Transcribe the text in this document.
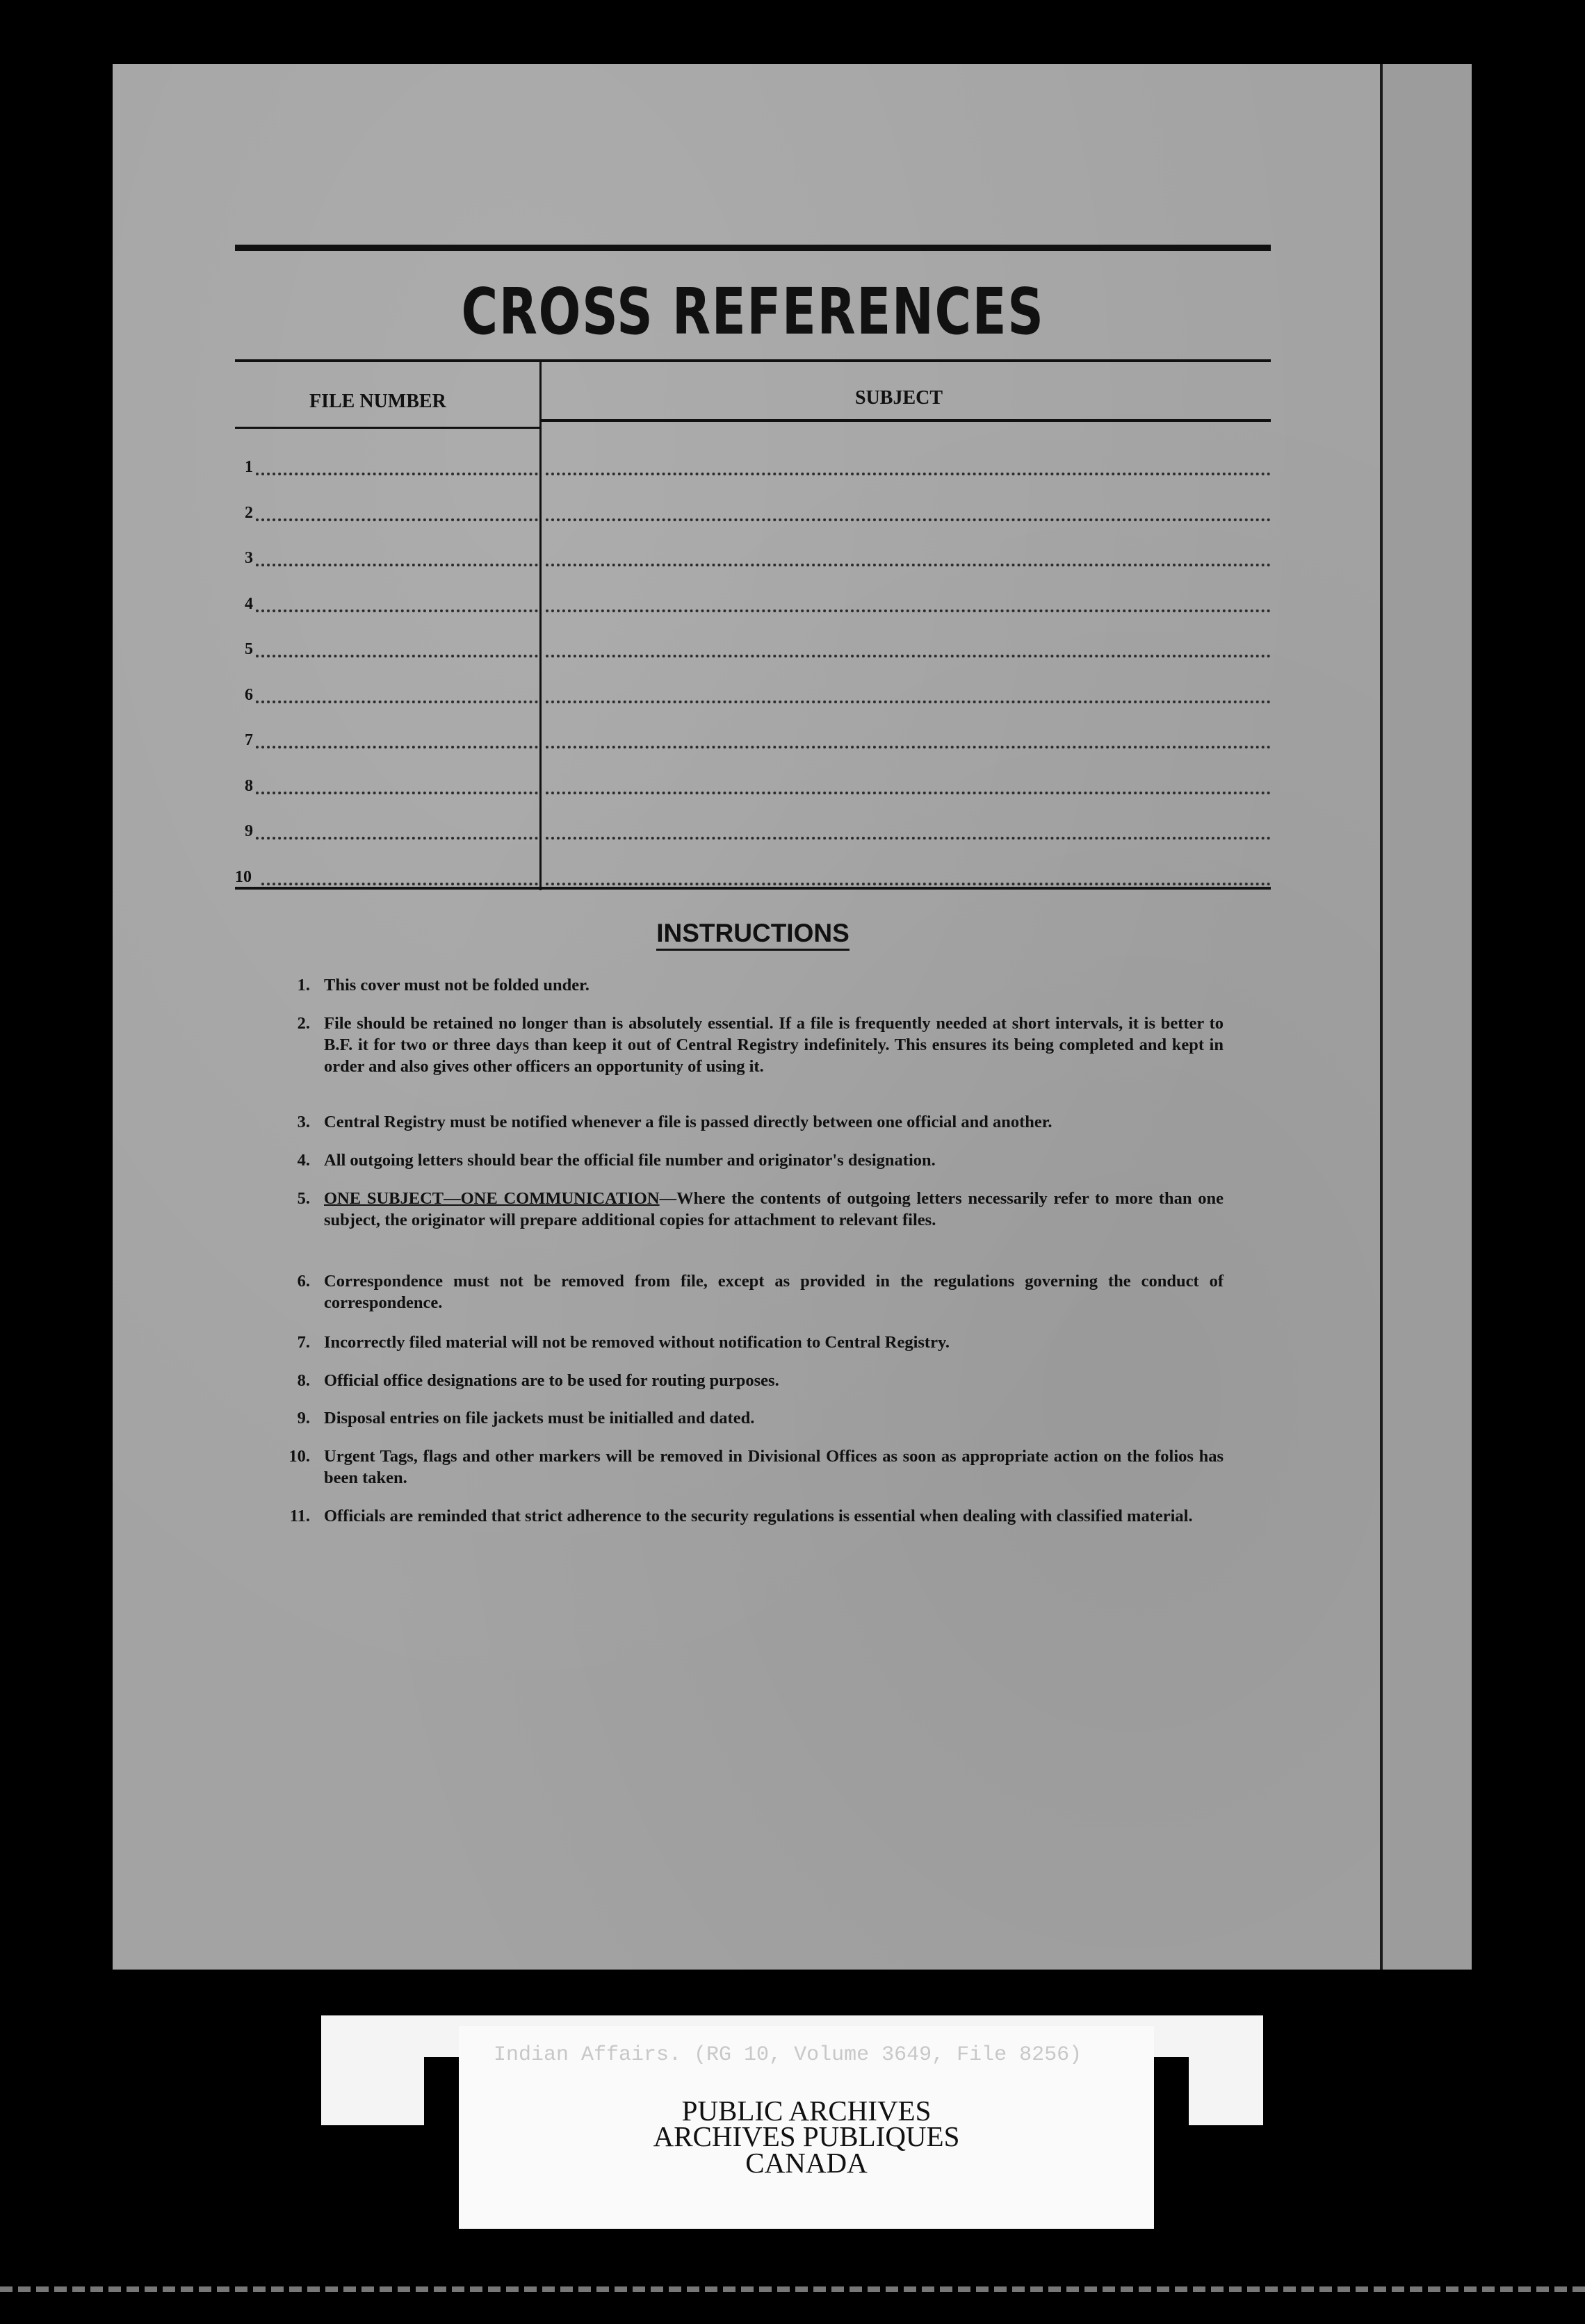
CROSS REFERENCES
FILE NUMBER	SUBJECT
1
2
3
4
5
6
7
8
9
10
INSTRUCTIONS
1. This cover must not be folded under.
2. File should be retained no longer than is absolutely essential. If a file is frequently needed at short intervals, it is better to B.F. it for two or three days than keep it out of Central Registry indefinitely. This ensures its being completed and kept in order and also gives other officers an opportunity of using it.
3. Central Registry must be notified whenever a file is passed directly between one official and another.
4. All outgoing letters should bear the official file number and originator's designation.
5. ONE SUBJECT—ONE COMMUNICATION—Where the contents of outgoing letters necessarily refer to more than one subject, the originator will prepare additional copies for attachment to relevant files.
6. Correspondence must not be removed from file, except as provided in the regulations governing the conduct of correspondence.
7. Incorrectly filed material will not be removed without notification to Central Registry.
8. Official office designations are to be used for routing purposes.
9. Disposal entries on file jackets must be initialled and dated.
10. Urgent Tags, flags and other markers will be removed in Divisional Offices as soon as appropriate action on the folios has been taken.
11. Officials are reminded that strict adherence to the security regulations is essential when dealing with classified material.
Indian Affairs. (RG 10, Volume 3649, File 8256)
PUBLIC ARCHIVES
ARCHIVES PUBLIQUES
CANADA
